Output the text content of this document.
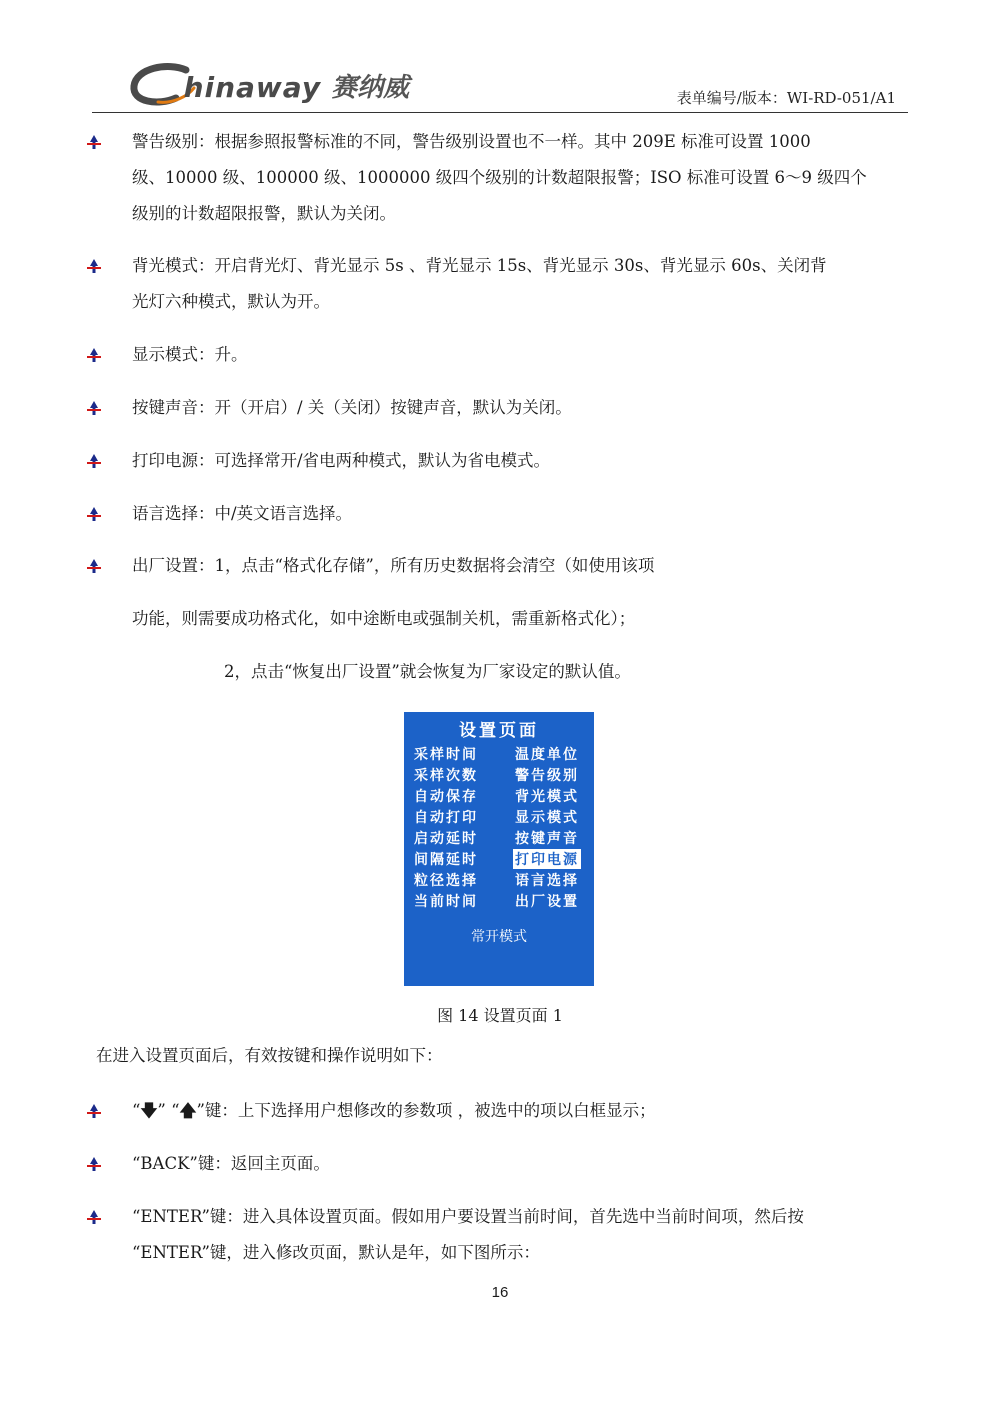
hinaway 赛纳威	表单编号/版本：WI-RD-051/A1
警告级别：根据参照报警标准的不同，警告级别设置也不一样。其中 209E 标准可设置 1000
级、10000 级、100000 级、1000000 级四个级别的计数超限报警；ISO 标准可设置 6～9 级四个
级别的计数超限报警，默认为关闭。
背光模式：开启背光灯、背光显示 5s 、背光显示 15s、背光显示 30s、背光显示 60s、关闭背
光灯六种模式，默认为开。
显示模式：升。
按键声音：开（开启）/ 关（关闭）按键声音，默认为关闭。
打印电源：可选择常开/省电两种模式，默认为省电模式。
语言选择：中/英文语言选择。
出厂设置：1，点击“格式化存储”，所有历史数据将会清空（如使用该项
功能，则需要成功格式化，如中途断电或强制关机，需重新格式化）；
2，点击“恢复出厂设置”就会恢复为厂家设定的默认值。
设置页面
采样时间	温度单位
采样次数	警告级别
自动保存	背光模式
自动打印	显示模式
启动延时	按键声音
间隔延时	打印电源
粒径选择	语言选择
当前时间	出厂设置
常开模式
图 14 设置页面 1
在进入设置页面后，有效按键和操作说明如下：
“🡇” “🡅”键：上下选择用户想修改的参数项 ，被选中的项以白框显示；
“BACK”键：返回主页面。
“ENTER”键：进入具体设置页面。假如用户要设置当前时间，首先选中当前时间项，然后按
“ENTER”键，进入修改页面，默认是年，如下图所示：
16
